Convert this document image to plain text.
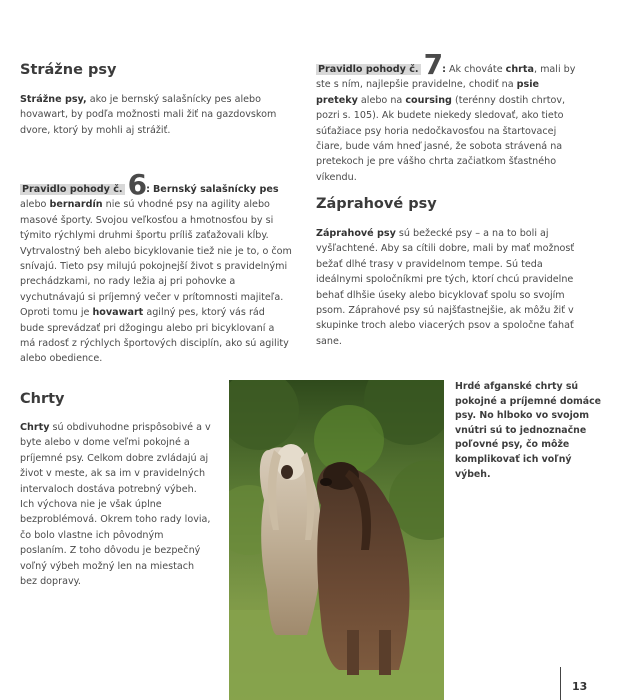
Strážne psy
Strážne psy, ako je bernský salašnícky pes alebo hovawart, by podľa možnosti mali žiť na gazdovskom dvore, ktorý by mohli aj strážiť.
Pravidlo pohody č. 6: Bernský salašnícky pes alebo bernardín nie sú vhodné psy na agility alebo masové športy. Svojou veľkosťou a hmotnosťou by si týmito rýchlymi druhmi športu príliš zaťažovali kĺby. Vytrvalostný beh alebo bicyklovanie tiež nie je to, o čom snívajú. Tieto psy milujú pokojnejší život s pravidelnými prechádzkami, no rady ležia aj pri pohovke a vychutnávajú si príjemný večer v prítomnosti majiteľa. Oproti tomu je hovawart agilný pes, ktorý vás rád bude sprevádzať pri džogingu alebo pri bicyklovaní a má radosť z rýchlych športových disciplín, ako sú agility alebo obedience.
Pravidlo pohody č. 7: Ak chováte chrta, mali by ste s ním, najlepšie pravidelne, chodiť na psie preteky alebo na coursing (terénny dostih chrtov, pozri s. 105). Ak budete niekedy sledovať, ako tieto súťažiace psy horia nedočkavosťou na štartovacej čiare, bude vám hneď jasné, že sobota strávená na pretekoch je pre vášho chrta začiatkom šťastného víkendu.
Záprahové psy
Záprahové psy sú bežecké psy – a na to boli aj vyšľachtené. Aby sa cítili dobre, mali by mať možnosť bežať dlhé trasy v pravidelnom tempe. Sú teda ideálnymi spoločníkmi pre tých, ktorí chcú pravidelne behať dlhšie úseky alebo bicyklovať spolu so svojím psom. Záprahové psy sú najšťastnejšie, ak môžu žiť v skupinke troch alebo viacerých psov a spoločne ťahať sane.
Chrty
Chrty sú obdivuhodne prispôsobivé a v byte alebo v dome veľmi pokojné a príjemné psy. Celkom dobre zvládajú aj život v meste, ak sa im v pravidelných intervaloch dostáva potrebný výbeh. Ich výchova nie je však úplne bezproblémová. Okrem toho rady lovia, čo bolo vlastne ich pôvodným poslaním. Z toho dôvodu je bezpečný voľný výbeh možný len na miestach bez dopravy.
Hrdé afganské chrty sú pokojné a príjemné domáce psy. No hlboko vo svojom vnútri sú to jednoznačne poľovné psy, čo môže komplikovať ich voľný výbeh.
13
